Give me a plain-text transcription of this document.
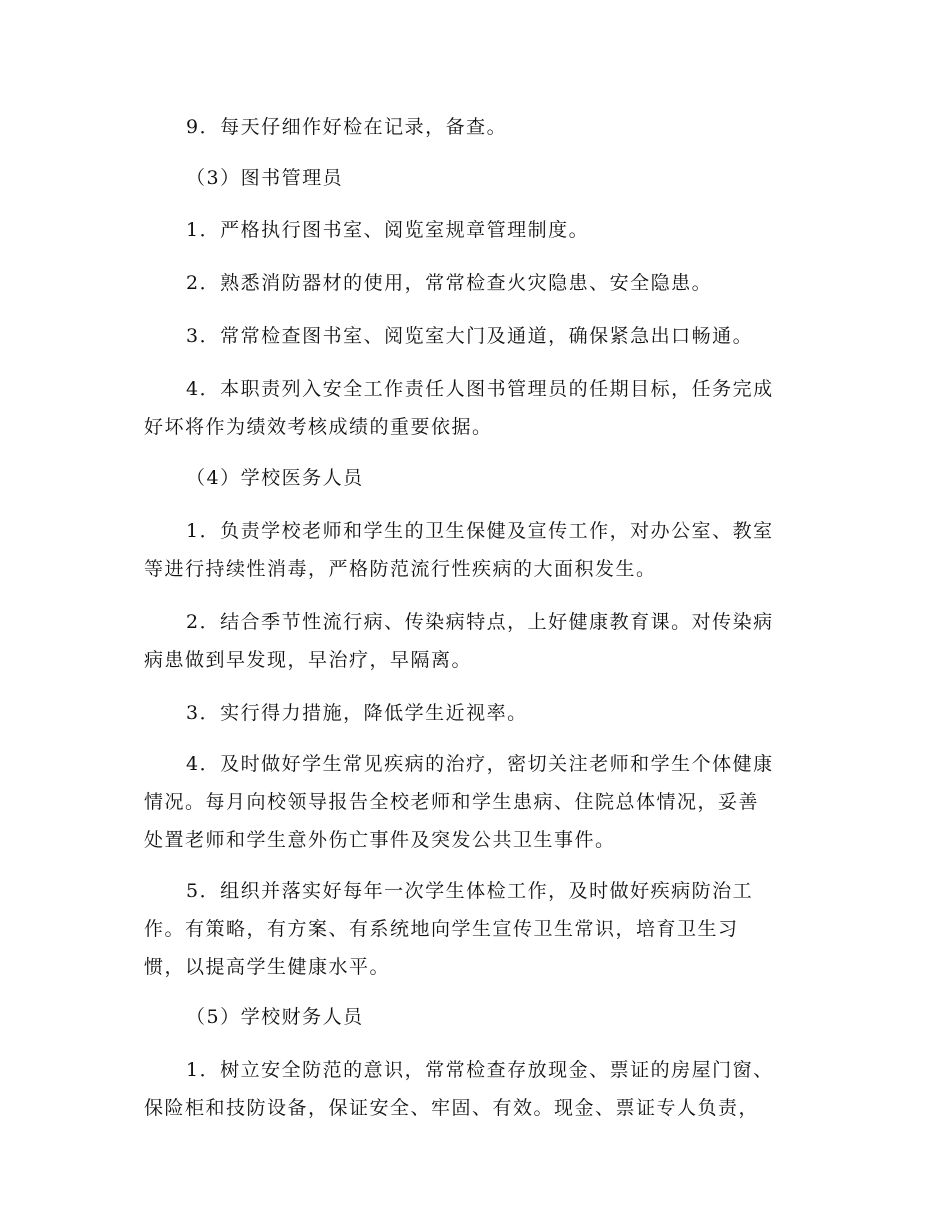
9．每天仔细作好检在记录，备查。
（3）图书管理员
1．严格执行图书室、阅览室规章管理制度。
2．熟悉消防器材的使用，常常检查火灾隐患、安全隐患。
3．常常检查图书室、阅览室大门及通道，确保紧急出口畅通。
4．本职责列入安全工作责任人图书管理员的任期目标，任务完成
好坏将作为绩效考核成绩的重要依据。
（4）学校医务人员
1．负责学校老师和学生的卫生保健及宣传工作，对办公室、教室
等进行持续性消毒，严格防范流行性疾病的大面积发生。
2．结合季节性流行病、传染病特点，上好健康教育课。对传染病
病患做到早发现，早治疗，早隔离。
3．实行得力措施，降低学生近视率。
4．及时做好学生常见疾病的治疗，密切关注老师和学生个体健康
情况。每月向校领导报告全校老师和学生患病、住院总体情况，妥善
处置老师和学生意外伤亡事件及突发公共卫生事件。
5．组织并落实好每年一次学生体检工作，及时做好疾病防治工
作。有策略，有方案、有系统地向学生宣传卫生常识，培育卫生习
惯，以提高学生健康水平。
（5）学校财务人员
1．树立安全防范的意识，常常检查存放现金、票证的房屋门窗、
保险柜和技防设备，保证安全、牢固、有效。现金、票证专人负责，
